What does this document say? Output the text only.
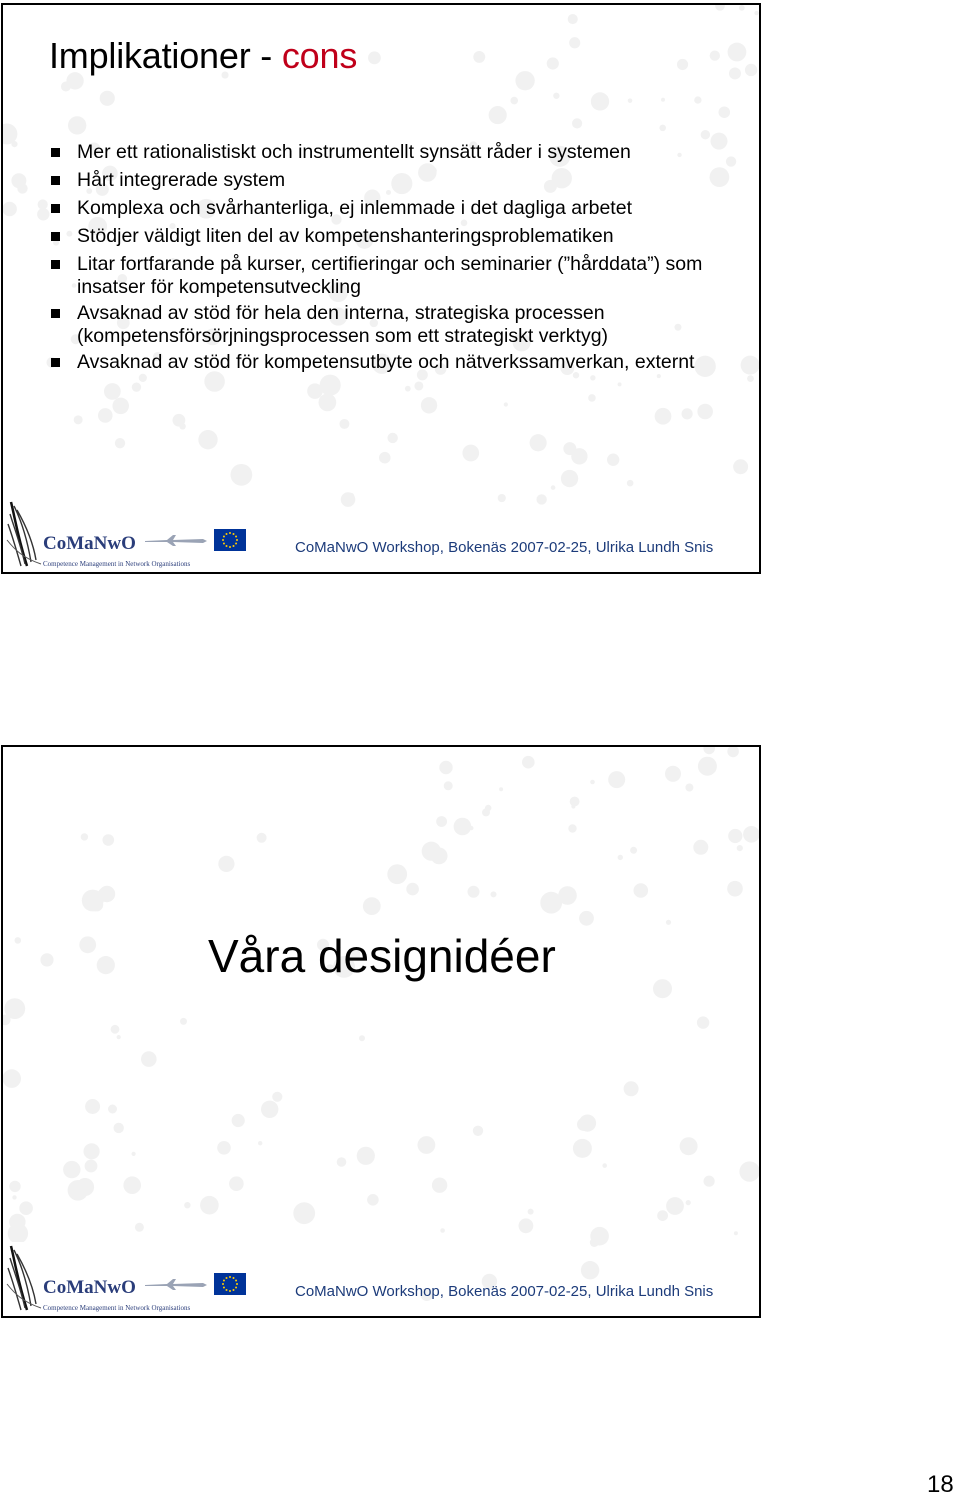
Implikationer - cons
Mer ett rationalistiskt och instrumentellt synsätt råder i systemen
Hårt integrerade system
Komplexa och svårhanterliga, ej inlemmade i det dagliga arbetet
Stödjer väldigt liten del av kompetenshanteringsproblematiken
Litar fortfarande på kurser, certifieringar och seminarier (”hårddata”) som insatser för kompetensutveckling
Avsaknad av stöd för hela den interna, strategiska processen (kompetensförsörjningsprocessen som ett strategiskt verktyg)
Avsaknad av stöd för kompetensutbyte och nätverkssamverkan, externt
CoMaNwO
Competence Management in Network Organisations
CoMaNwO Workshop, Bokenäs 2007-02-25, Ulrika Lundh Snis
Våra designidéer
CoMaNwO
Competence Management in Network Organisations
CoMaNwO Workshop, Bokenäs 2007-02-25, Ulrika Lundh Snis
18
